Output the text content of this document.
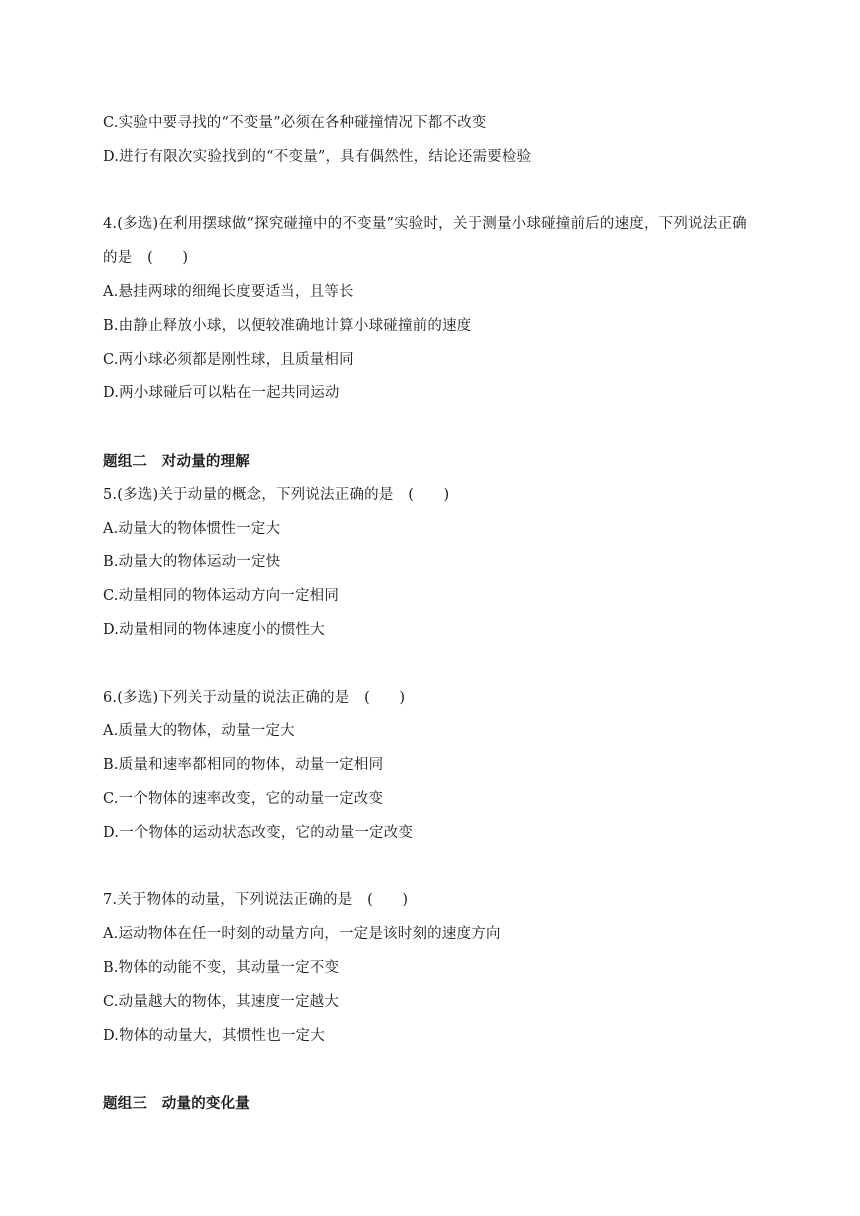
C.实验中要寻找的“不变量”必须在各种碰撞情况下都不改变
D.进行有限次实验找到的“不变量”，具有偶然性，结论还需要检验
4.(多选)在利用摆球做“探究碰撞中的不变量”实验时，关于测量小球碰撞前后的速度，下列说法正确
的是　(　　)
A.悬挂两球的细绳长度要适当，且等长
B.由静止释放小球，以便较准确地计算小球碰撞前的速度
C.两小球必须都是刚性球，且质量相同
D.两小球碰后可以粘在一起共同运动
题组二　对动量的理解
5.(多选)关于动量的概念，下列说法正确的是　(　　)
A.动量大的物体惯性一定大
B.动量大的物体运动一定快
C.动量相同的物体运动方向一定相同
D.动量相同的物体速度小的惯性大
6.(多选)下列关于动量的说法正确的是　(　　)
A.质量大的物体，动量一定大
B.质量和速率都相同的物体，动量一定相同
C.一个物体的速率改变，它的动量一定改变
D.一个物体的运动状态改变，它的动量一定改变
7.关于物体的动量，下列说法正确的是　(　　)
A.运动物体在任一时刻的动量方向，一定是该时刻的速度方向
B.物体的动能不变，其动量一定不变
C.动量越大的物体，其速度一定越大
D.物体的动量大，其惯性也一定大
题组三　动量的变化量
